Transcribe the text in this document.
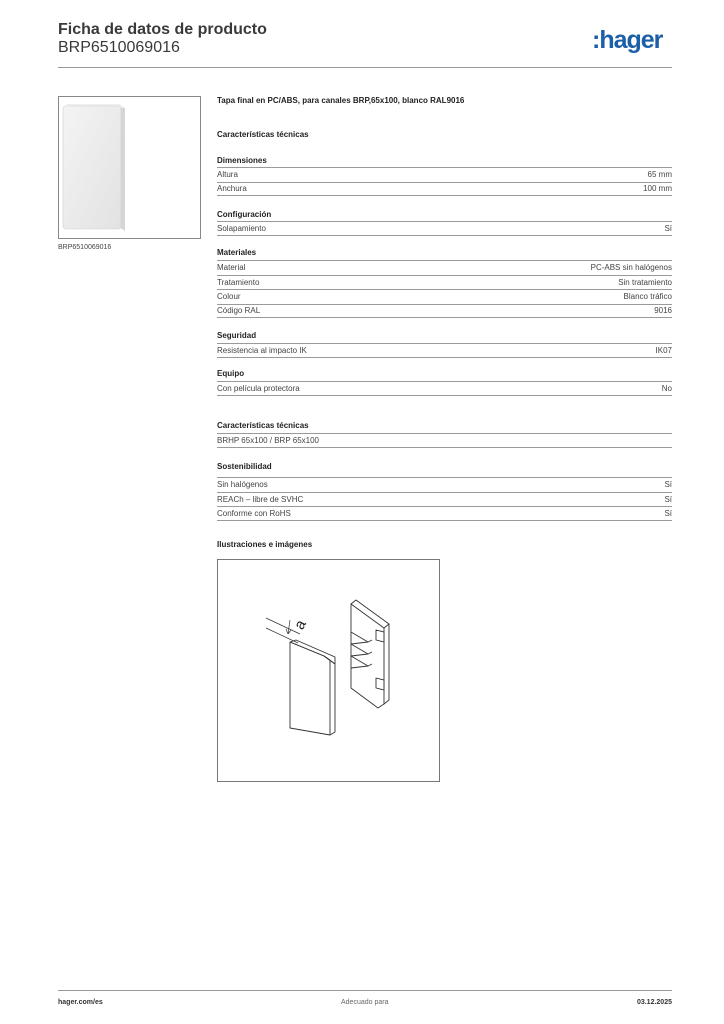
Ficha de datos de producto
BRP6510069016	:hager
BRP6510069016
Tapa final en PC/ABS, para canales BRP,65x100, blanco RAL9016
Características técnicas
Dimensiones
Altura	65 mm
Anchura	100 mm
Configuración
Solapamiento	Sí
Materiales
Material	PC-ABS sin halógenos
Tratamiento	Sin tratamiento
Colour	Blanco tráfico
Código RAL	9016
Seguridad
Resistencia al impacto IK	IK07
Equipo
Con película protectora	No
Características técnicas
BRHP 65x100 / BRP 65x100
Sostenibilidad
Sin halógenos	Sí
REACh – libre de SVHC	Sí
Conforme con RoHS	Sí
Ilustraciones e imágenes
a
hager.com/es	Adecuado para	03.12.2025
